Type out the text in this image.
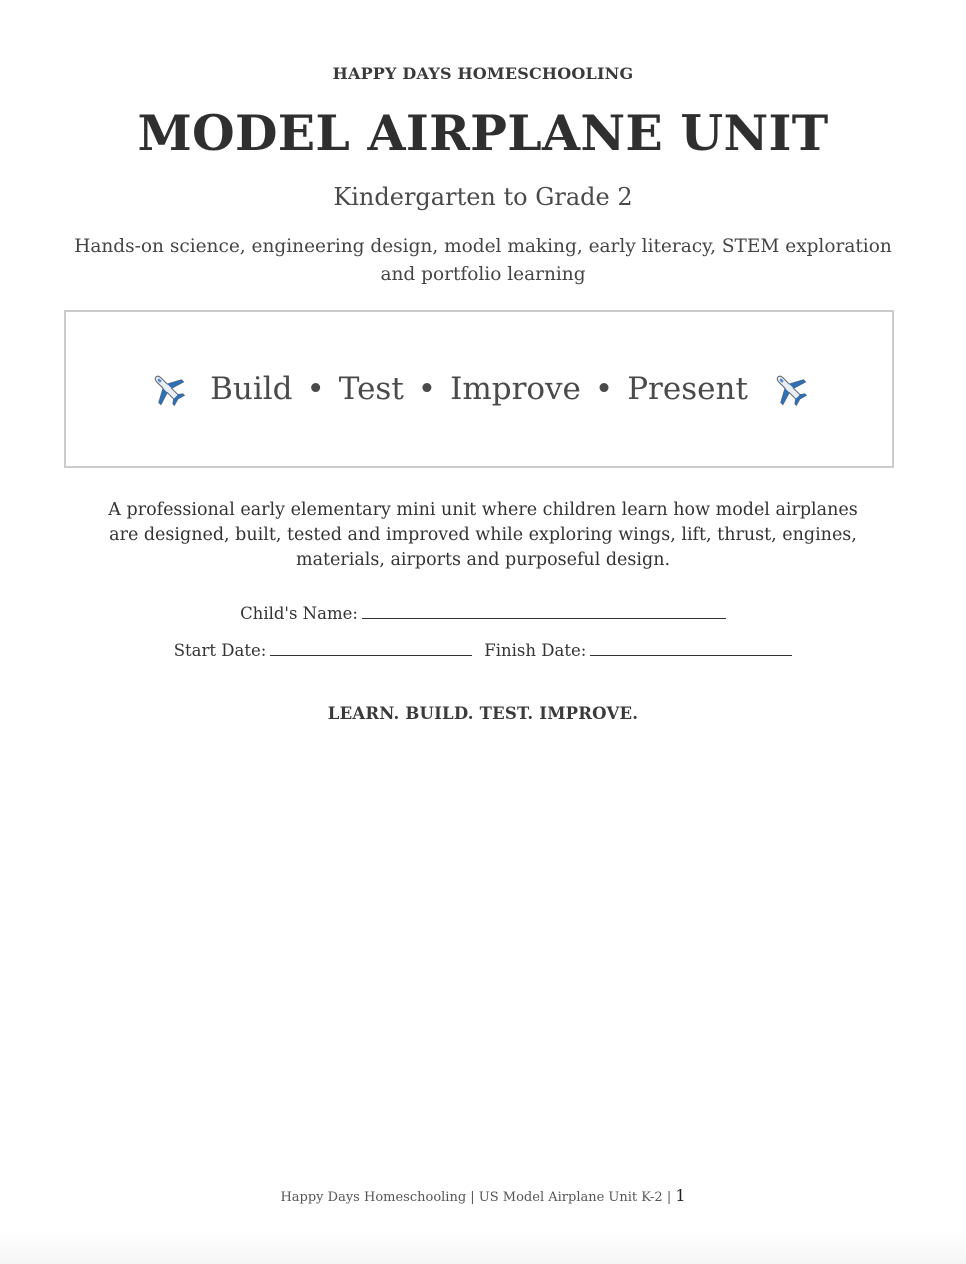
HAPPY DAYS HOMESCHOOLING
MODEL AIRPLANE UNIT
Kindergarten to Grade 2
Hands-on science, engineering design, model making, early literacy, STEM exploration and portfolio learning
Build • Test • Improve • Present
A professional early elementary mini unit where children learn how model airplanes are designed, built, tested and improved while exploring wings, lift, thrust, engines, materials, airports and purposeful design.
Child's Name:
Start Date:	Finish Date:
LEARN. BUILD. TEST. IMPROVE.
Happy Days Homeschooling | US Model Airplane Unit K-2 | 1
